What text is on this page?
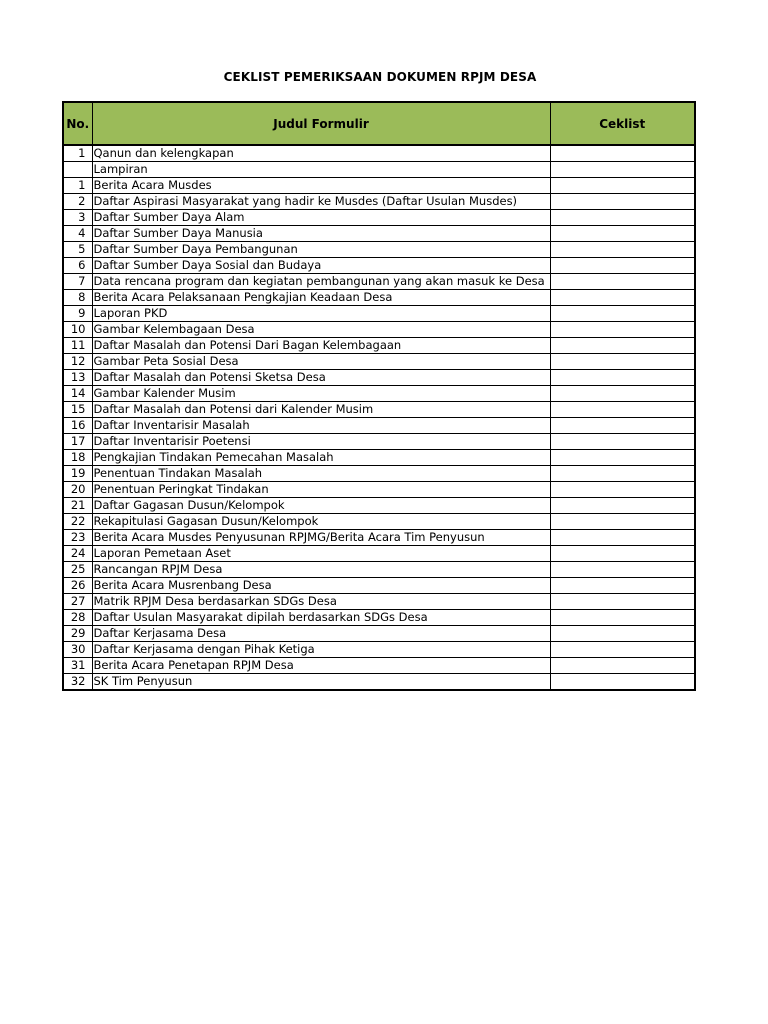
CEKLIST PEMERIKSAAN DOKUMEN RPJM DESA
No.	Judul Formulir	Ceklist
1	Qanun dan kelengkapan	
	Lampiran	
1	Berita Acara Musdes	
2	Daftar Aspirasi Masyarakat yang hadir ke Musdes (Daftar Usulan Musdes)	
3	Daftar Sumber Daya Alam	
4	Daftar Sumber Daya Manusia	
5	Daftar Sumber Daya Pembangunan	
6	Daftar Sumber Daya Sosial dan Budaya	
7	Data rencana program dan kegiatan pembangunan yang akan masuk ke Desa	
8	Berita Acara Pelaksanaan Pengkajian Keadaan Desa	
9	Laporan PKD	
10	Gambar Kelembagaan Desa	
11	Daftar Masalah dan Potensi Dari Bagan Kelembagaan	
12	Gambar Peta Sosial Desa	
13	Daftar Masalah dan Potensi Sketsa Desa	
14	Gambar Kalender Musim	
15	Daftar Masalah dan Potensi dari Kalender Musim	
16	Daftar Inventarisir Masalah	
17	Daftar Inventarisir Poetensi	
18	Pengkajian Tindakan Pemecahan Masalah	
19	Penentuan Tindakan Masalah	
20	Penentuan Peringkat Tindakan	
21	Daftar Gagasan Dusun/Kelompok	
22	Rekapitulasi Gagasan Dusun/Kelompok	
23	Berita Acara Musdes Penyusunan RPJMG/Berita Acara Tim Penyusun	
24	Laporan Pemetaan Aset	
25	Rancangan RPJM Desa	
26	Berita Acara Musrenbang Desa	
27	Matrik RPJM Desa berdasarkan SDGs Desa	
28	Daftar Usulan Masyarakat dipilah berdasarkan SDGs Desa	
29	Daftar Kerjasama Desa	
30	Daftar Kerjasama dengan Pihak Ketiga	
31	Berita Acara Penetapan RPJM Desa	
32	SK Tim Penyusun	
